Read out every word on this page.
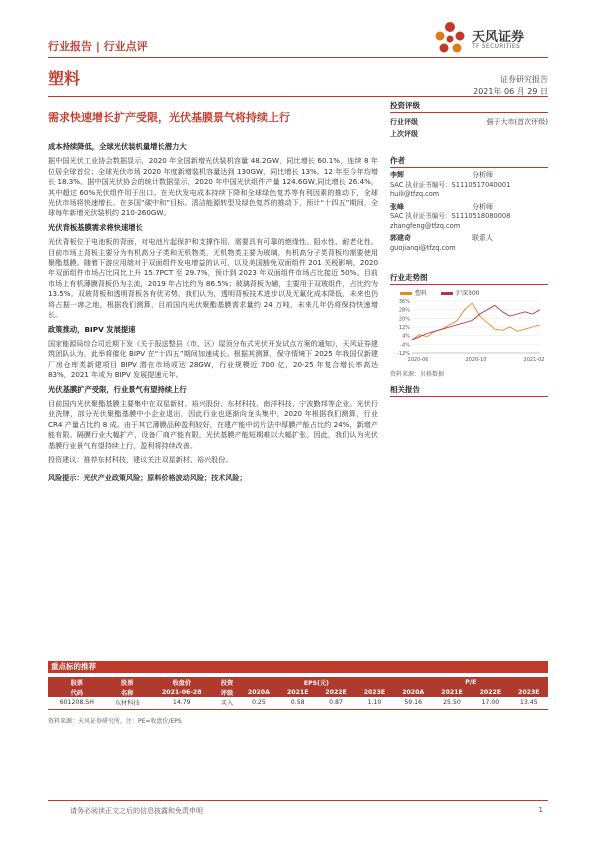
行业报告 | 行业点评
天风证券
TF SECURITIES
塑料	证券研究报告
2021年 06 月 29 日
需求快速增长扩产受限，光伏基膜景气将持续上行
成本持续降低，全球光伏装机量增长潜力大

据中国光伏工业协会数据显示，2020 年全国新增光伏装机容量 48.2GW，同比增长 60.1%，连续 8 年位居全球首位；全球光伏市场 2020 年度新增装机容量达到 130GW，同比增长 13%。12 年至今年均增长 18.3%。据中国光伏协会的统计数据显示，2020 年中国光伏组件产量 124.6GW,同比增长 26.4%，其中超过 60%光伏组件用于出口。在光伏发电成本持续下降和全球绿色复苏等有利因素的推动下，全球光伏市场将快速增长。在多国“碳中和”目标、清洁能源转型及绿色复苏的推动下，预计“十四五”期间，全球每年新增光伏装机约 210-260GW。

光伏背板基膜需求将快速增长

光伏背板位于电池板的背面，对电池片起保护和支撑作用，需要具有可靠的绝缘性、阻水性、耐老化性。目前市场上背板主要分为有机高分子类和无机物类，无机物类主要为玻璃，有机高分子类背板均需要使用聚酯基膜。随着下游应用端对于双面组件发电增益的认可，以及美国豁免双面组件 201 关税影响，2020 年双面组件市场占比同比上升 15.7PCT 至 29.7%，预计到 2023 年双面组件市场占比接近 50%。目前市场上有机薄膜背板仍为主流，2019 年占比约为 86.5%；玻璃背板为辅，主要用于双玻组件，占比约为 13.5%。双玻背板和透明背板各有优劣势，我们认为，透明背板技术进步以及无氟化成本降低，未来也仍将占据一席之地。根据我们测算，目前国内光伏聚酯基膜需求量约 24 万吨，未来几年仍将保持快速增长。

政策推动，BIPV 发展提速

国家能源局综合司近期下发《关于报送整县（市、区）屋顶分布式光伏开发试点方案的通知》，天风证券建筑团队认为，此举将催化 BIPV 在“十四五”期间加速成长。根据其测算，保守情境下 2025 年我国仅新建厂房仓库类新建项目 BIPV 潜在市场或达 28GW，行业规模近 700 亿，20-25 年复合增长率高达 83%，2021 年或为 BIPV 发展提速元年。

光伏基膜扩产受限，行业景气有望持续上行

目前国内光伏聚酯基膜主要集中在双星新材、裕兴股份、东材科技、南洋科技、宁波勤邦等企业。光伏行业洗牌，部分光伏聚酯基膜中小企业退出，因此行业也逐渐向龙头集中，2020 年根据我们测算，行业 CR4 产量占比约 8 成。由于其它薄膜品种盈利较好，在建产能中切片法中厚膜产能占比约 24%，新增产能有限。隔膜行业大幅扩产，设备厂商产能有限，光伏基膜产能短期难以大幅扩张。因此，我们认为光伏基膜行业景气有望持续上行，盈利将持续改善。

投资建议：推荐东材科技，建议关注双星新材、裕兴股份。
风险提示：光伏产业政策风险；原料价格波动风险；技术风险；
投资评级
行业评级	强于大市(首次评级)
上次评级
作者
李辉	分析师
SAC 执业证书编号：S1110517040001
huili@tfzq.com
张峰	分析师
SAC 执业证书编号：S1110518080008
zhangfeng@tfzq.com
郭建奇	联系人
guojianqi@tfzq.com
行业走势图
塑料	沪深300
36%
28%
20%
12%
4%
-4%
-12%
2020-06	2020-10	2021-02
资料来源：贝格数据
相关报告
重点标的推荐
股票	股票	收盘价	投资	EPS(元)				P/E			
代码	名称	2021-06-28	评级	2020A	2021E	2022E	2023E	2020A	2021E	2022E	2023E
601208.SH	东材科技	14.79	买入	0.25	0.58	0.87	1.10	59.16	25.50	17.00	13.45
资料来源：天风证券研究所，注：PE=收盘价/EPS
请务必阅读正文之后的信息披露和免责申明	1
